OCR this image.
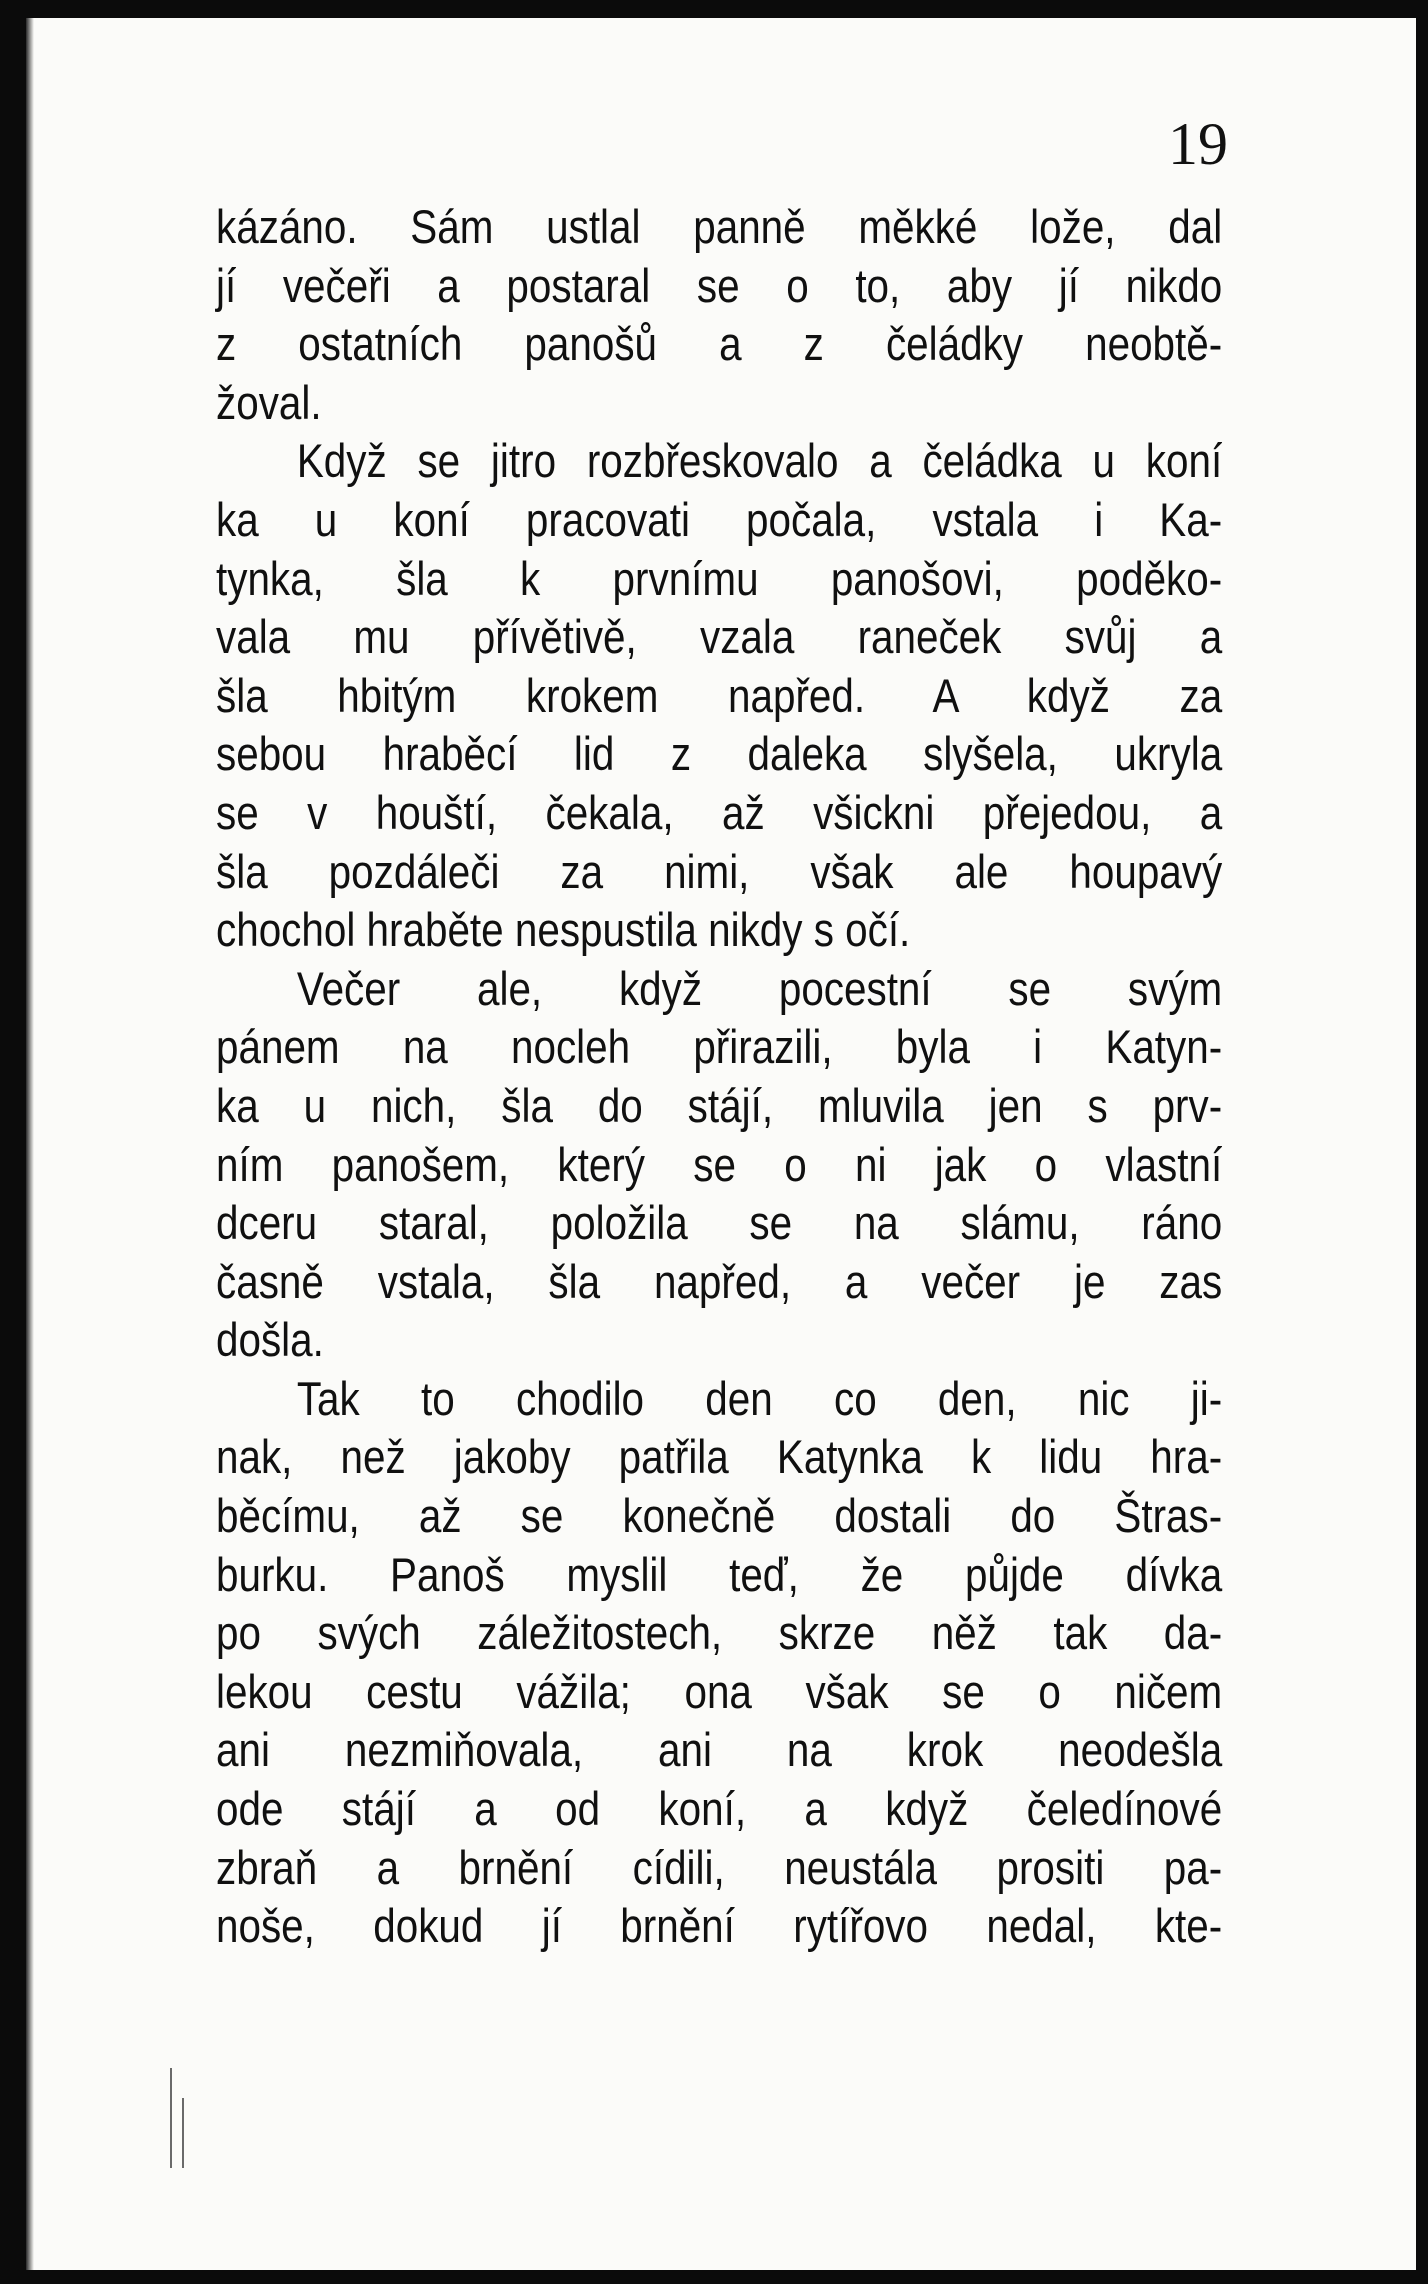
19
kázáno. Sám ustlal panně měkké lože, dal
jí večeři a postaral se o to, aby jí nikdo
z ostatních panošů a z čeládky neobtě-
žoval.
Když se jitro rozbřeskovalo a čeládka u koní
ka u koní pracovati počala, vstala i Ka-
tynka, šla k prvnímu panošovi, poděko-
vala mu přívětivě, vzala raneček svůj a
šla hbitým krokem napřed. A když za
sebou hraběcí lid z daleka slyšela, ukryla
se v houští, čekala, až všickni přejedou, a
šla pozdáleči za nimi, však ale houpavý
chochol hraběte nespustila nikdy s očí.
Večer ale, když pocestní se svým
pánem na nocleh přirazili, byla i Katyn-
ka u nich, šla do stájí, mluvila jen s prv-
ním panošem, který se o ni jak o vlastní
dceru staral, položila se na slámu, ráno
časně vstala, šla napřed, a večer je zas
došla.
Tak to chodilo den co den, nic ji-
nak, než jakoby patřila Katynka k lidu hra-
běcímu, až se konečně dostali do Štras-
burku. Panoš myslil teď, že půjde dívka
po svých záležitostech, skrze něž tak da-
lekou cestu vážila; ona však se o ničem
ani nezmiňovala, ani na krok neodešla
ode stájí a od koní, a když čeledínové
zbraň a brnění cídili, neustála prositi pa-
noše, dokud jí brnění rytířovo nedal, kte-
